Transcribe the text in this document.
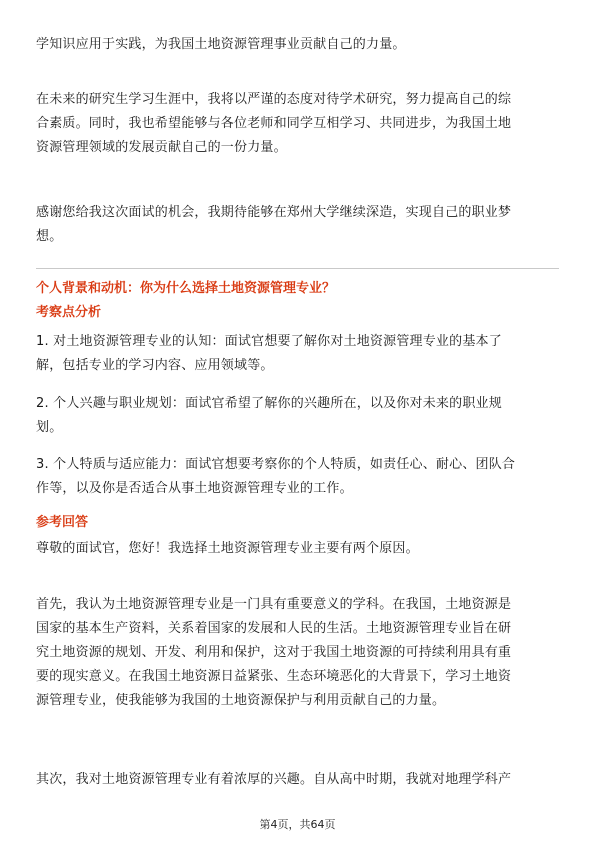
学知识应用于实践，为我国土地资源管理事业贡献自己的力量。

在未来的研究生学习生涯中，我将以严谨的态度对待学术研究，努力提高自己的综
合素质。同时，我也希望能够与各位老师和同学互相学习、共同进步，为我国土地
资源管理领域的发展贡献自己的一份力量。

感谢您给我这次面试的机会，我期待能够在郑州大学继续深造，实现自己的职业梦
想。

个人背景和动机：你为什么选择土地资源管理专业？

考察点分析

1. 对土地资源管理专业的认知：面试官想要了解你对土地资源管理专业的基本了
解，包括专业的学习内容、应用领域等。

2. 个人兴趣与职业规划：面试官希望了解你的兴趣所在，以及你对未来的职业规
划。

3. 个人特质与适应能力：面试官想要考察你的个人特质，如责任心、耐心、团队合
作等，以及你是否适合从事土地资源管理专业的工作。

参考回答

尊敬的面试官，您好！我选择土地资源管理专业主要有两个原因。

首先，我认为土地资源管理专业是一门具有重要意义的学科。在我国，土地资源是
国家的基本生产资料，关系着国家的发展和人民的生活。土地资源管理专业旨在研
究土地资源的规划、开发、利用和保护，这对于我国土地资源的可持续利用具有重
要的现实意义。在我国土地资源日益紧张、生态环境恶化的大背景下，学习土地资
源管理专业，使我能够为我国的土地资源保护与利用贡献自己的力量。

其次，我对土地资源管理专业有着浓厚的兴趣。自从高中时期，我就对地理学科产

第4页，共64页
